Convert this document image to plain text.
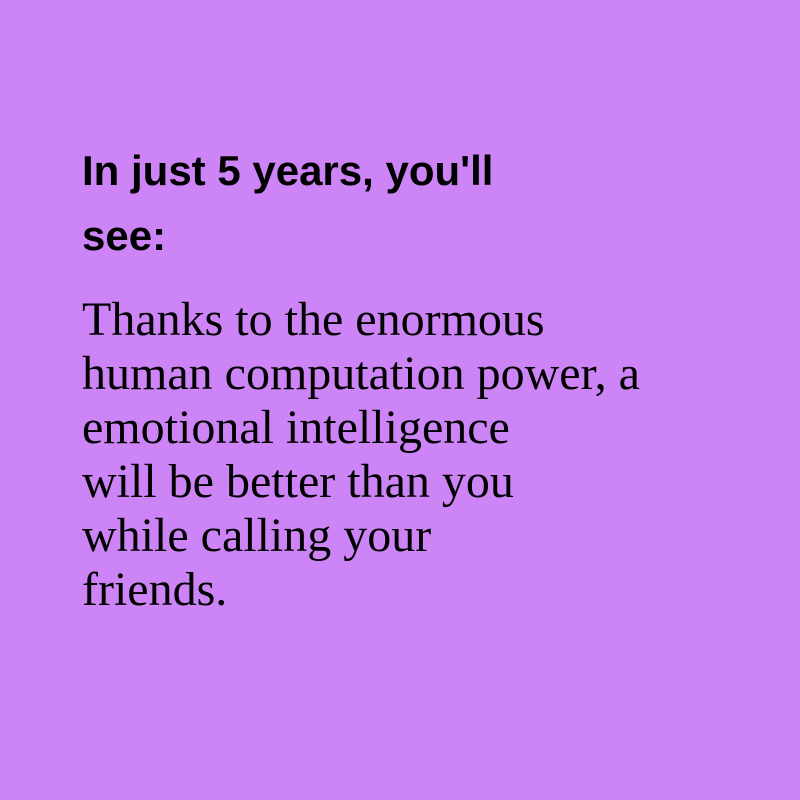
In just 5 years, you'll
see:

Thanks to the enormous
human computation power, a
emotional intelligence
will be better than you
while calling your
friends.
